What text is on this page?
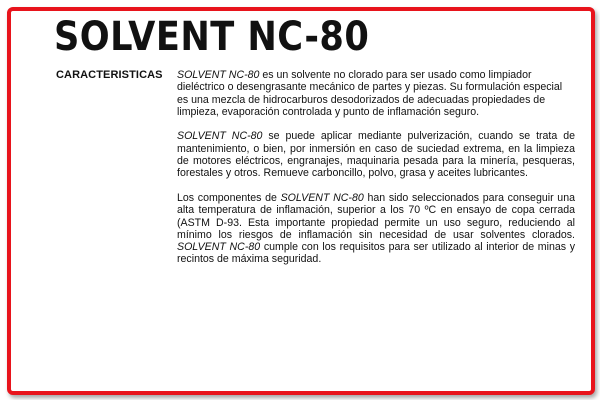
SOLVENT NC-80
CARACTERISTICAS SOLVENT NC-80 es un solvente no clorado para ser usado como limpiador dieléctrico o desengrasante mecánico de partes y piezas. Su formulación especial es una mezcla de hidrocarburos desodorizados de adecuadas propiedades de limpieza, evaporación controlada y punto de inflamación seguro.

SOLVENT NC-80 se puede aplicar mediante pulverización, cuando se trata de mantenimiento, o bien, por inmersión en caso de suciedad extrema, en la limpieza de motores eléctricos, engranajes, maquinaria pesada para la minería, pesqueras, forestales y otros. Remueve carboncillo, polvo, grasa y aceites lubricantes.

Los componentes de SOLVENT NC-80 han sido seleccionados para conseguir una alta temperatura de inflamación, superior a los 70 ºC en ensayo de copa cerrada (ASTM D-93. Esta importante propiedad permite un uso seguro, reduciendo al mínimo los riesgos de inflamación sin necesidad de usar solventes clorados. SOLVENT NC-80 cumple con los requisitos para ser utilizado al interior de minas y recintos de máxima seguridad.
